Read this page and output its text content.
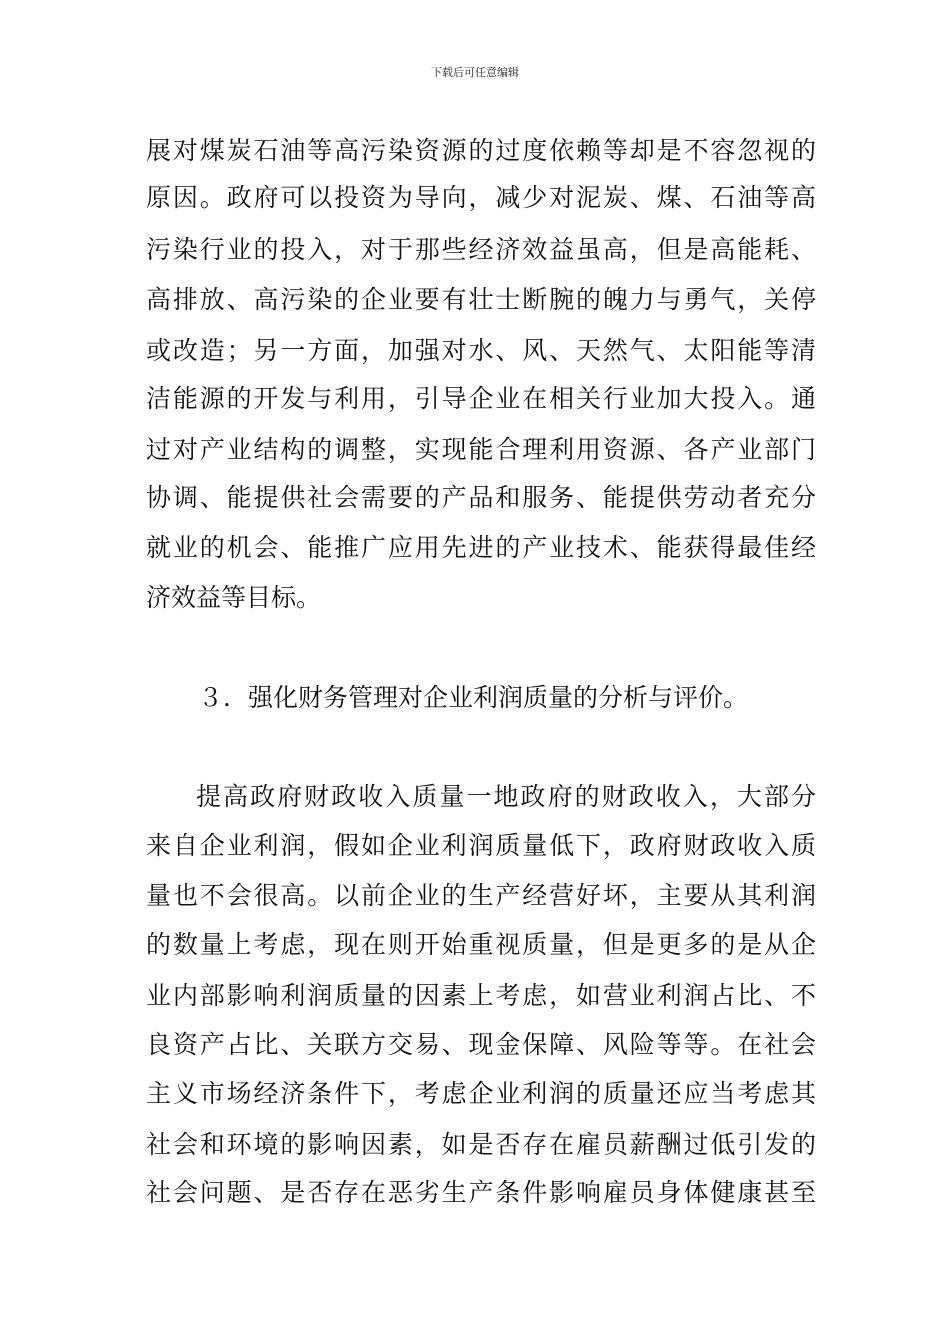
下载后可任意编辑
展对煤炭石油等高污染资源的过度依赖等却是不容忽视的
原因。政府可以投资为导向，减少对泥炭、煤、石油等高
污染行业的投入，对于那些经济效益虽高，但是高能耗、
高排放、高污染的企业要有壮士断腕的魄力与勇气，关停
或改造；另一方面，加强对水、风、天然气、太阳能等清
洁能源的开发与利用，引导企业在相关行业加大投入。通
过对产业结构的调整，实现能合理利用资源、各产业部门
协调、能提供社会需要的产品和服务、能提供劳动者充分
就业的机会、能推广应用先进的产业技术、能获得最佳经
济效益等目标。
３．强化财务管理对企业利润质量的分析与评价。
提高政府财政收入质量一地政府的财政收入，大部分
来自企业利润，假如企业利润质量低下，政府财政收入质
量也不会很高。以前企业的生产经营好坏，主要从其利润
的数量上考虑，现在则开始重视质量，但是更多的是从企
业内部影响利润质量的因素上考虑，如营业利润占比、不
良资产占比、关联方交易、现金保障、风险等等。在社会
主义市场经济条件下，考虑企业利润的质量还应当考虑其
社会和环境的影响因素，如是否存在雇员薪酬过低引发的
社会问题、是否存在恶劣生产条件影响雇员身体健康甚至
